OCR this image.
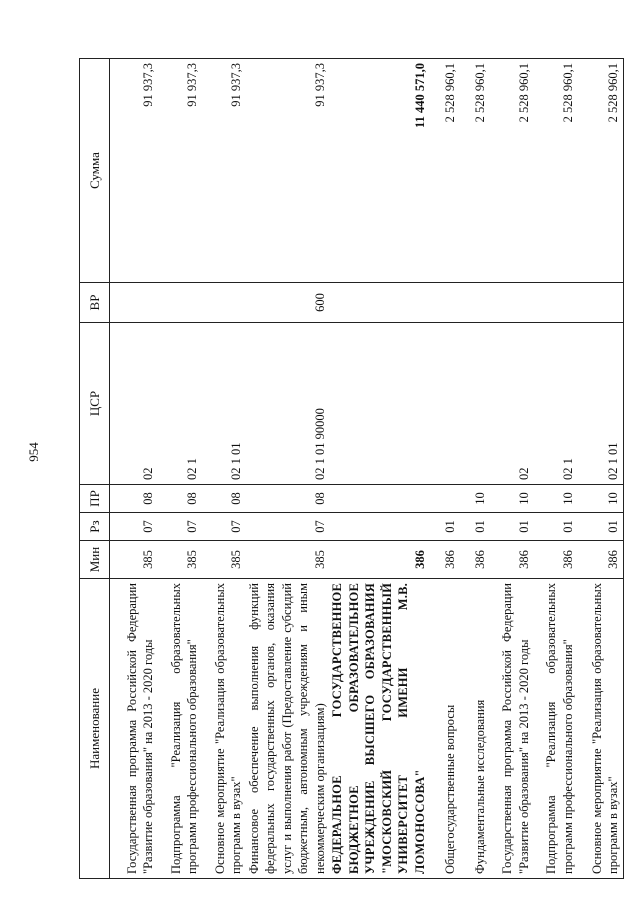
954
Наименование	Мин	Рз	ПР	ЦСР	ВР	Сумма
Государственная программа Российской Федерации "Развитие образования" на 2013 - 2020 годы	385	07	08	02		91 937,3
Подпрограмма "Реализация образовательных программ профессионального образования"	385	07	08	02 1		91 937,3
Основное мероприятие "Реализация образовательных программ в вузах"	385	07	08	02 1 01		91 937,3
Финансовое обеспечение выполнения функций федеральных государственных органов, оказания услуг и выполнения работ (Предоставление субсидий бюджетным, автономным учреждениям и иным некоммерческим организациям)	385	07	08	02 1 01 90000	600	91 937,3
ФЕДЕРАЛЬНОЕ ГОСУДАРСТВЕННОЕ БЮДЖЕТНОЕ ОБРАЗОВАТЕЛЬНОЕ УЧРЕЖДЕНИЕ ВЫСШЕГО ОБРАЗОВАНИЯ "МОСКОВСКИЙ ГОСУДАРСТВЕННЫЙ УНИВЕРСИТЕТ ИМЕНИ М.В. ЛОМОНОСОВА"	386					11 440 571,0
Общегосударственные вопросы	386	01				2 528 960,1
Фундаментальные исследования	386	01	10			2 528 960,1
Государственная программа Российской Федерации "Развитие образования" на 2013 - 2020 годы	386	01	10	02		2 528 960,1
Подпрограмма "Реализация образовательных программ профессионального образования"	386	01	10	02 1		2 528 960,1
Основное мероприятие "Реализация образовательных программ в вузах"	386	01	10	02 1 01		2 528 960,1
